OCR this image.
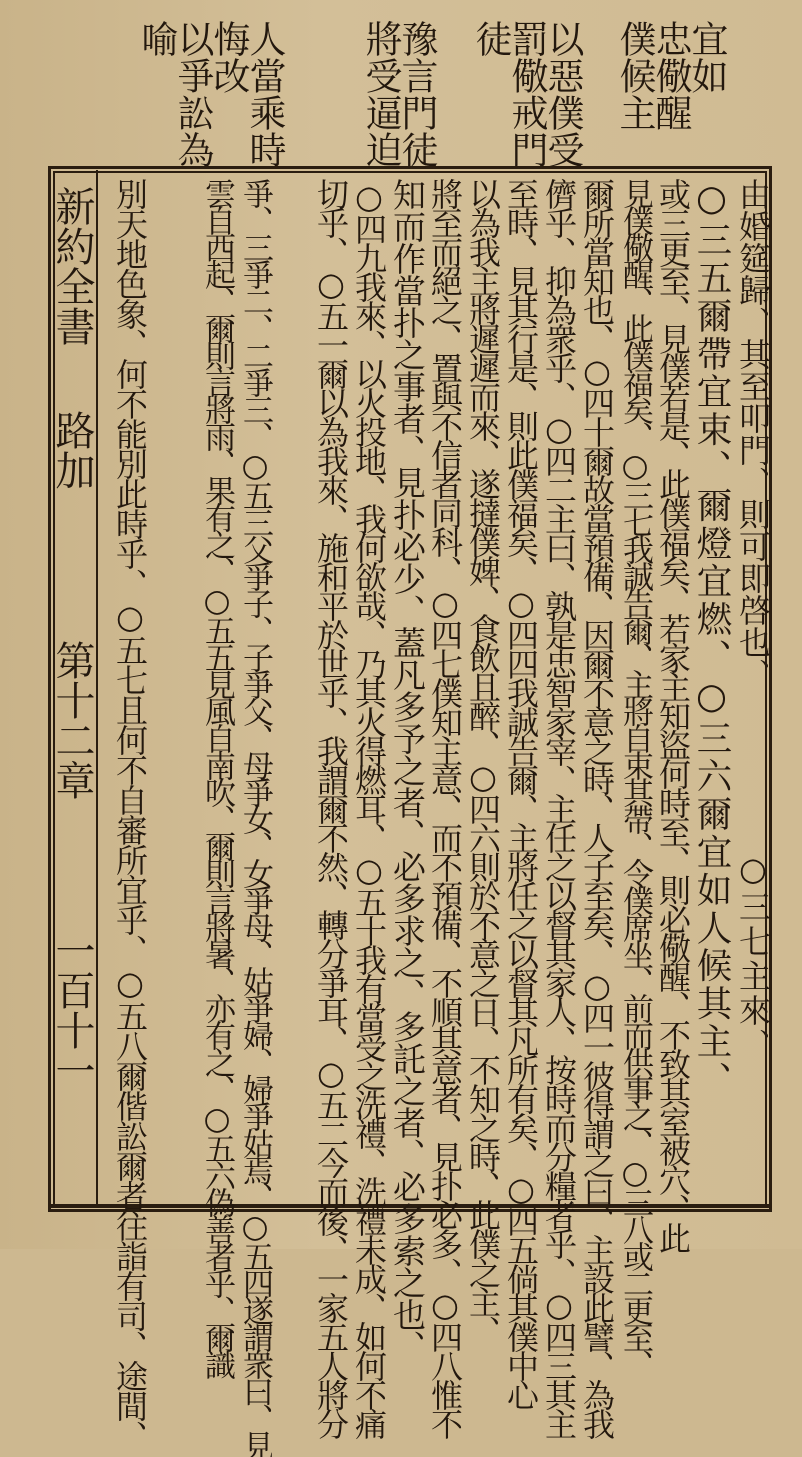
宜如
忠儆醒
僕候主
以惡僕受
罰儆戒門
徒
豫言門徒
將受逼迫
人當乘時
悔改
以爭訟為
喻
新約全書
路加
第十二章
一百十一	○三七主來、
由婚筵歸、其至叩門、則可即啓也、
○三五爾帶宜束、爾燈宜燃、○三六爾宜如人候其主、
或三更至、見僕若是、此僕福矣、若家主知盜何時至、則必儆醒、不致其室被穴、此
見僕儆醒、此僕福矣、○三七我誠告爾、主將自束其帶、令僕席坐、前而供事之、○三八或二更至、
爾所當知也、○四十爾故當預備、因爾不意之時、人子至矣、○四一彼得謂之曰、主設此譬、為我
儕乎、抑為衆乎、○四二主曰、孰是忠智家宰、主任之以督其家人、按時而分糧者乎、○四三其主
至時、見其行是、則此僕福矣、○四四我誠告爾、主將任之以督其凡所有矣、○四五倘其僕中心
以為我主將遲遲而來、遂撻僕婢、食飲且醉、○四六則於不意之日、不知之時、此僕之主、
將至而絕之、置與不信者同科、○四七僕知主意、而不預備、不順其意者、見扑必多、○四八惟不
知而作當扑之事者、見扑必少、蓋凡多予之者、必多求之、多託之者、必多索之也、
○四九我來、以火投地、我何欲哉、乃其火得燃耳、○五十我有當受之洗禮、洗禮未成、如何不痛
切乎、○五一爾以為我來、施和平於世乎、我謂爾不然、轉分爭耳、○五二今而後、一家五人將分
爭、三爭二、二爭三、○五三父爭子、子爭父、母爭女、女爭母、姑爭婦、婦爭姑焉、○五四遂謂衆曰、見
雲自西起、爾則言將雨、果有之、○五五見風自南吹、爾則言將暑、亦有之、○五六偽善者乎、爾識
別天地色象、何不能別此時乎、○五七且何不自審所宜乎、○五八爾偕訟爾者往詣有司、途間、
